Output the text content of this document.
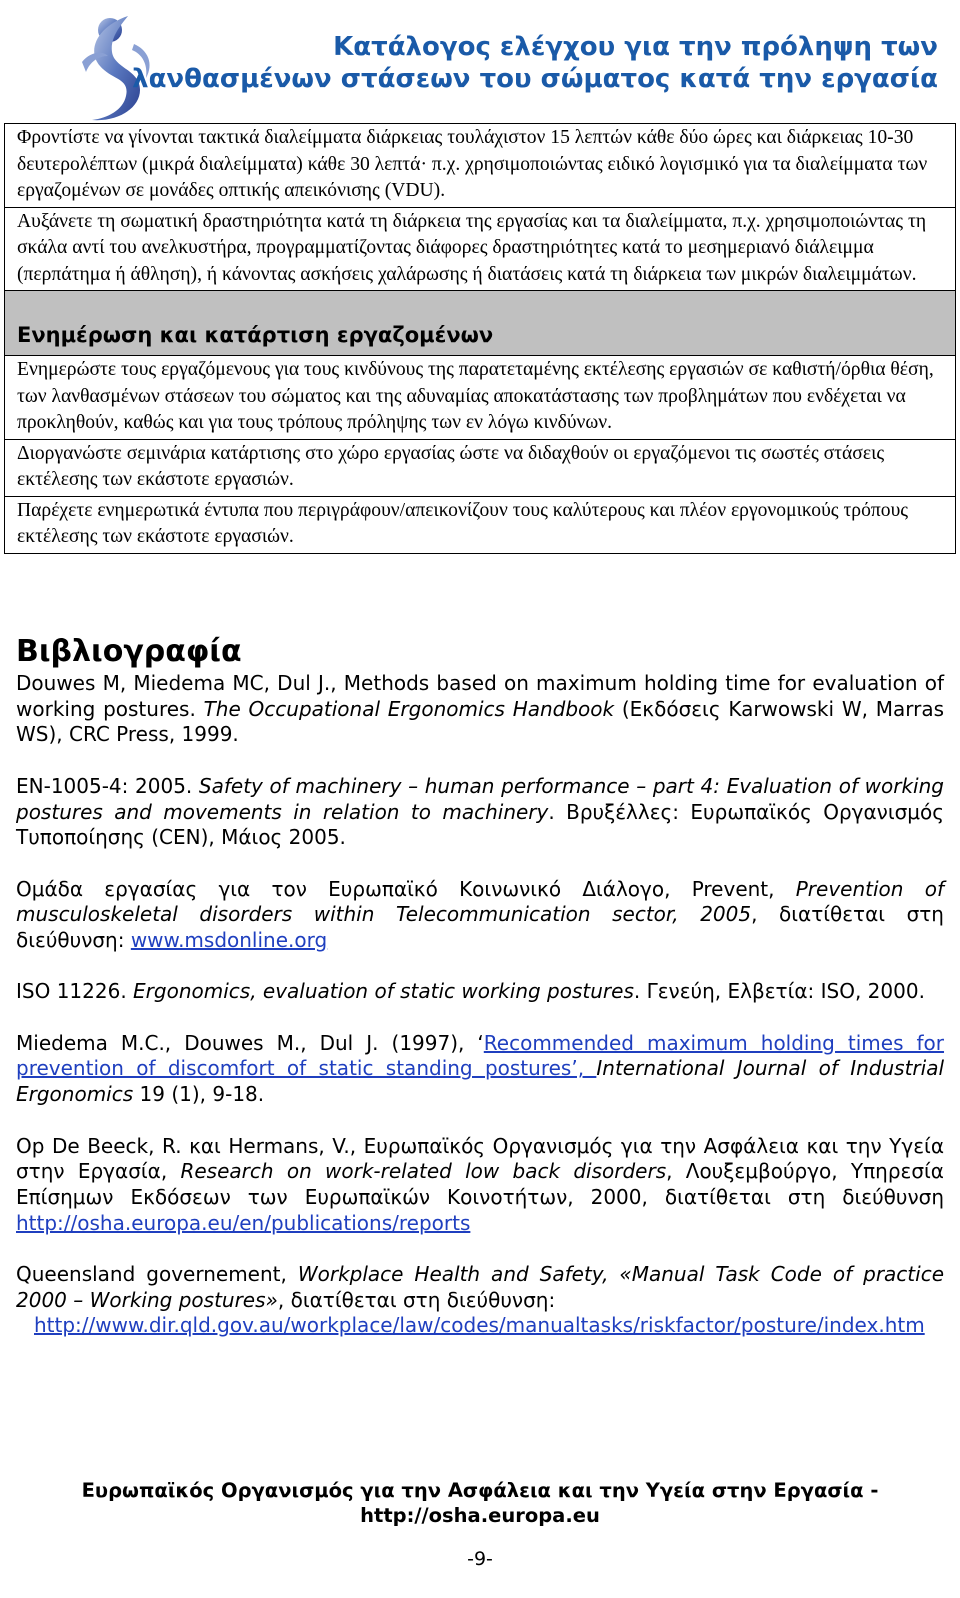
Κατάλογος ελέγχου για την πρόληψη των
λανθασμένων στάσεων του σώματος κατά την εργασία
Φροντίστε να γίνονται τακτικά διαλείμματα διάρκειας τουλάχιστον 15 λεπτών κάθε δύο ώρες και διάρκειας 10-30 δευτερολέπτων (μικρά διαλείμματα) κάθε 30 λεπτά· π.χ. χρησιμοποιώντας ειδικό λογισμικό για τα διαλείμματα των εργαζομένων σε μονάδες οπτικής απεικόνισης (VDU).
Αυξάνετε τη σωματική δραστηριότητα κατά τη διάρκεια της εργασίας και τα διαλείμματα, π.χ. χρησιμοποιώντας τη σκάλα αντί του ανελκυστήρα, προγραμματίζοντας διάφορες δραστηριότητες κατά το μεσημεριανό διάλειμμα (περπάτημα ή άθληση), ή κάνοντας ασκήσεις χαλάρωσης ή διατάσεις κατά τη διάρκεια των μικρών διαλειμμάτων.

Ενημέρωση και κατάρτιση εργαζομένων

Ενημερώστε τους εργαζόμενους για τους κινδύνους της παρατεταμένης εκτέλεσης εργασιών σε καθιστή/όρθια θέση, των λανθασμένων στάσεων του σώματος και της αδυναμίας αποκατάστασης των προβλημάτων που ενδέχεται να προκληθούν, καθώς και για τους τρόπους πρόληψης των εν λόγω κινδύνων.
Διοργανώστε σεμινάρια κατάρτισης στο χώρο εργασίας ώστε να διδαχθούν οι εργαζόμενοι τις σωστές στάσεις εκτέλεσης των εκάστοτε εργασιών.
Παρέχετε ενημερωτικά έντυπα που περιγράφουν/απεικονίζουν τους καλύτερους και πλέον εργονομικούς τρόπους εκτέλεσης των εκάστοτε εργασιών.
Βιβλιογραφία

Douwes M, Miedema MC, Dul J., Methods based on maximum holding time for evaluation of working postures. The Occupational Ergonomics Handbook (Εκδόσεις Karwowski W, Marras WS), CRC Press, 1999.

EN-1005-4: 2005. Safety of machinery – human performance – part 4: Evaluation of working postures and movements in relation to machinery. Βρυξέλλες: Ευρωπαϊκός Οργανισμός Τυποποίησης (CEN), Μάιος 2005.

Ομάδα εργασίας για τον Ευρωπαϊκό Κοινωνικό Διάλογο, Prevent, Prevention of musculoskeletal disorders within Telecommunication sector, 2005, διατίθεται στη διεύθυνση: www.msdonline.org

ISO 11226. Ergonomics, evaluation of static working postures. Γενεύη, Ελβετία: ISO, 2000.

Miedema M.C., Douwes M., Dul J. (1997), ‘Recommended maximum holding times for prevention of discomfort of static standing postures’, International Journal of Industrial Ergonomics 19 (1), 9-18.

Op De Beeck, R. και Hermans, V., Ευρωπαϊκός Οργανισμός για την Ασφάλεια και την Υγεία στην Εργασία, Research on work-related low back disorders, Λουξεμβούργο, Υπηρεσία Επίσημων Εκδόσεων των Ευρωπαϊκών Κοινοτήτων, 2000, διατίθεται στη διεύθυνση http://osha.europa.eu/en/publications/reports

Queensland governement, Workplace Health and Safety, «Manual Task Code of practice 2000 – Working postures», διατίθεται στη διεύθυνση:
http://www.dir.qld.gov.au/workplace/law/codes/manualtasks/riskfactor/posture/index.htm

Ευρωπαϊκός Οργανισμός για την Ασφάλεια και την Υγεία στην Εργασία -
http://osha.europa.eu
-9-
